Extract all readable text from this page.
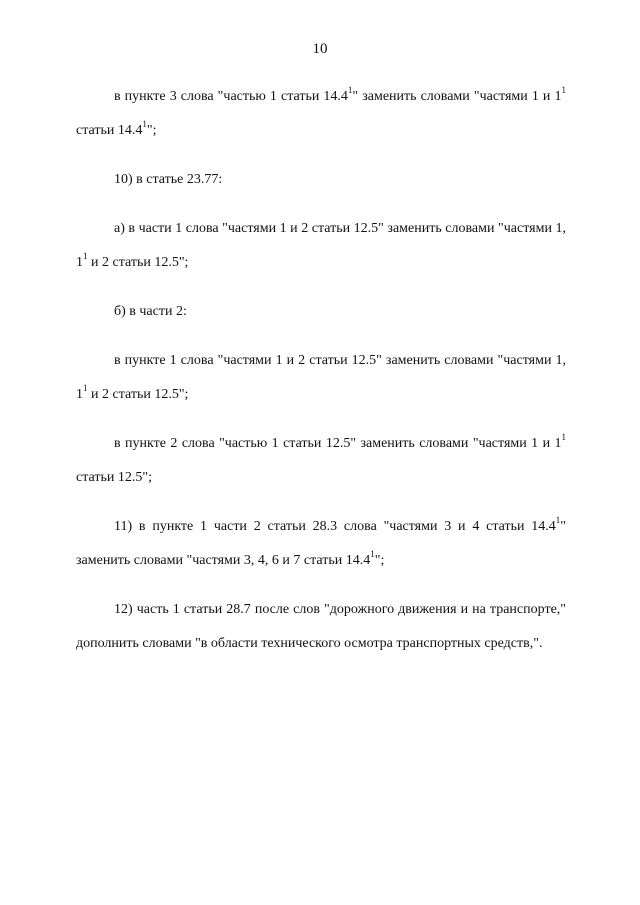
10

в пункте 3 слова "частью 1 статьи 14.4$^1$" заменить словами "частями 1 и $1^1$ статьи 14.4$^1$";

10) в статье 23.77:

а) в части 1 слова "частями 1 и 2 статьи 12.5" заменить словами "частями 1, $1^1$ и 2 статьи 12.5";

б) в части 2:

в пункте 1 слова "частями 1 и 2 статьи 12.5" заменить словами "частями 1, $1^1$ и 2 статьи 12.5";

в пункте 2 слова "частью 1 статьи 12.5" заменить словами "частями 1 и $1^1$ статьи 12.5";

11) в пункте 1 части 2 статьи 28.3 слова "частями 3 и 4 статьи 14.4$^1$" заменить словами "частями 3, 4, 6 и 7 статьи 14.4$^1$";

12) часть 1 статьи 28.7 после слов "дорожного движения и на транспорте," дополнить словами "в области технического осмотра транспортных средств,".
